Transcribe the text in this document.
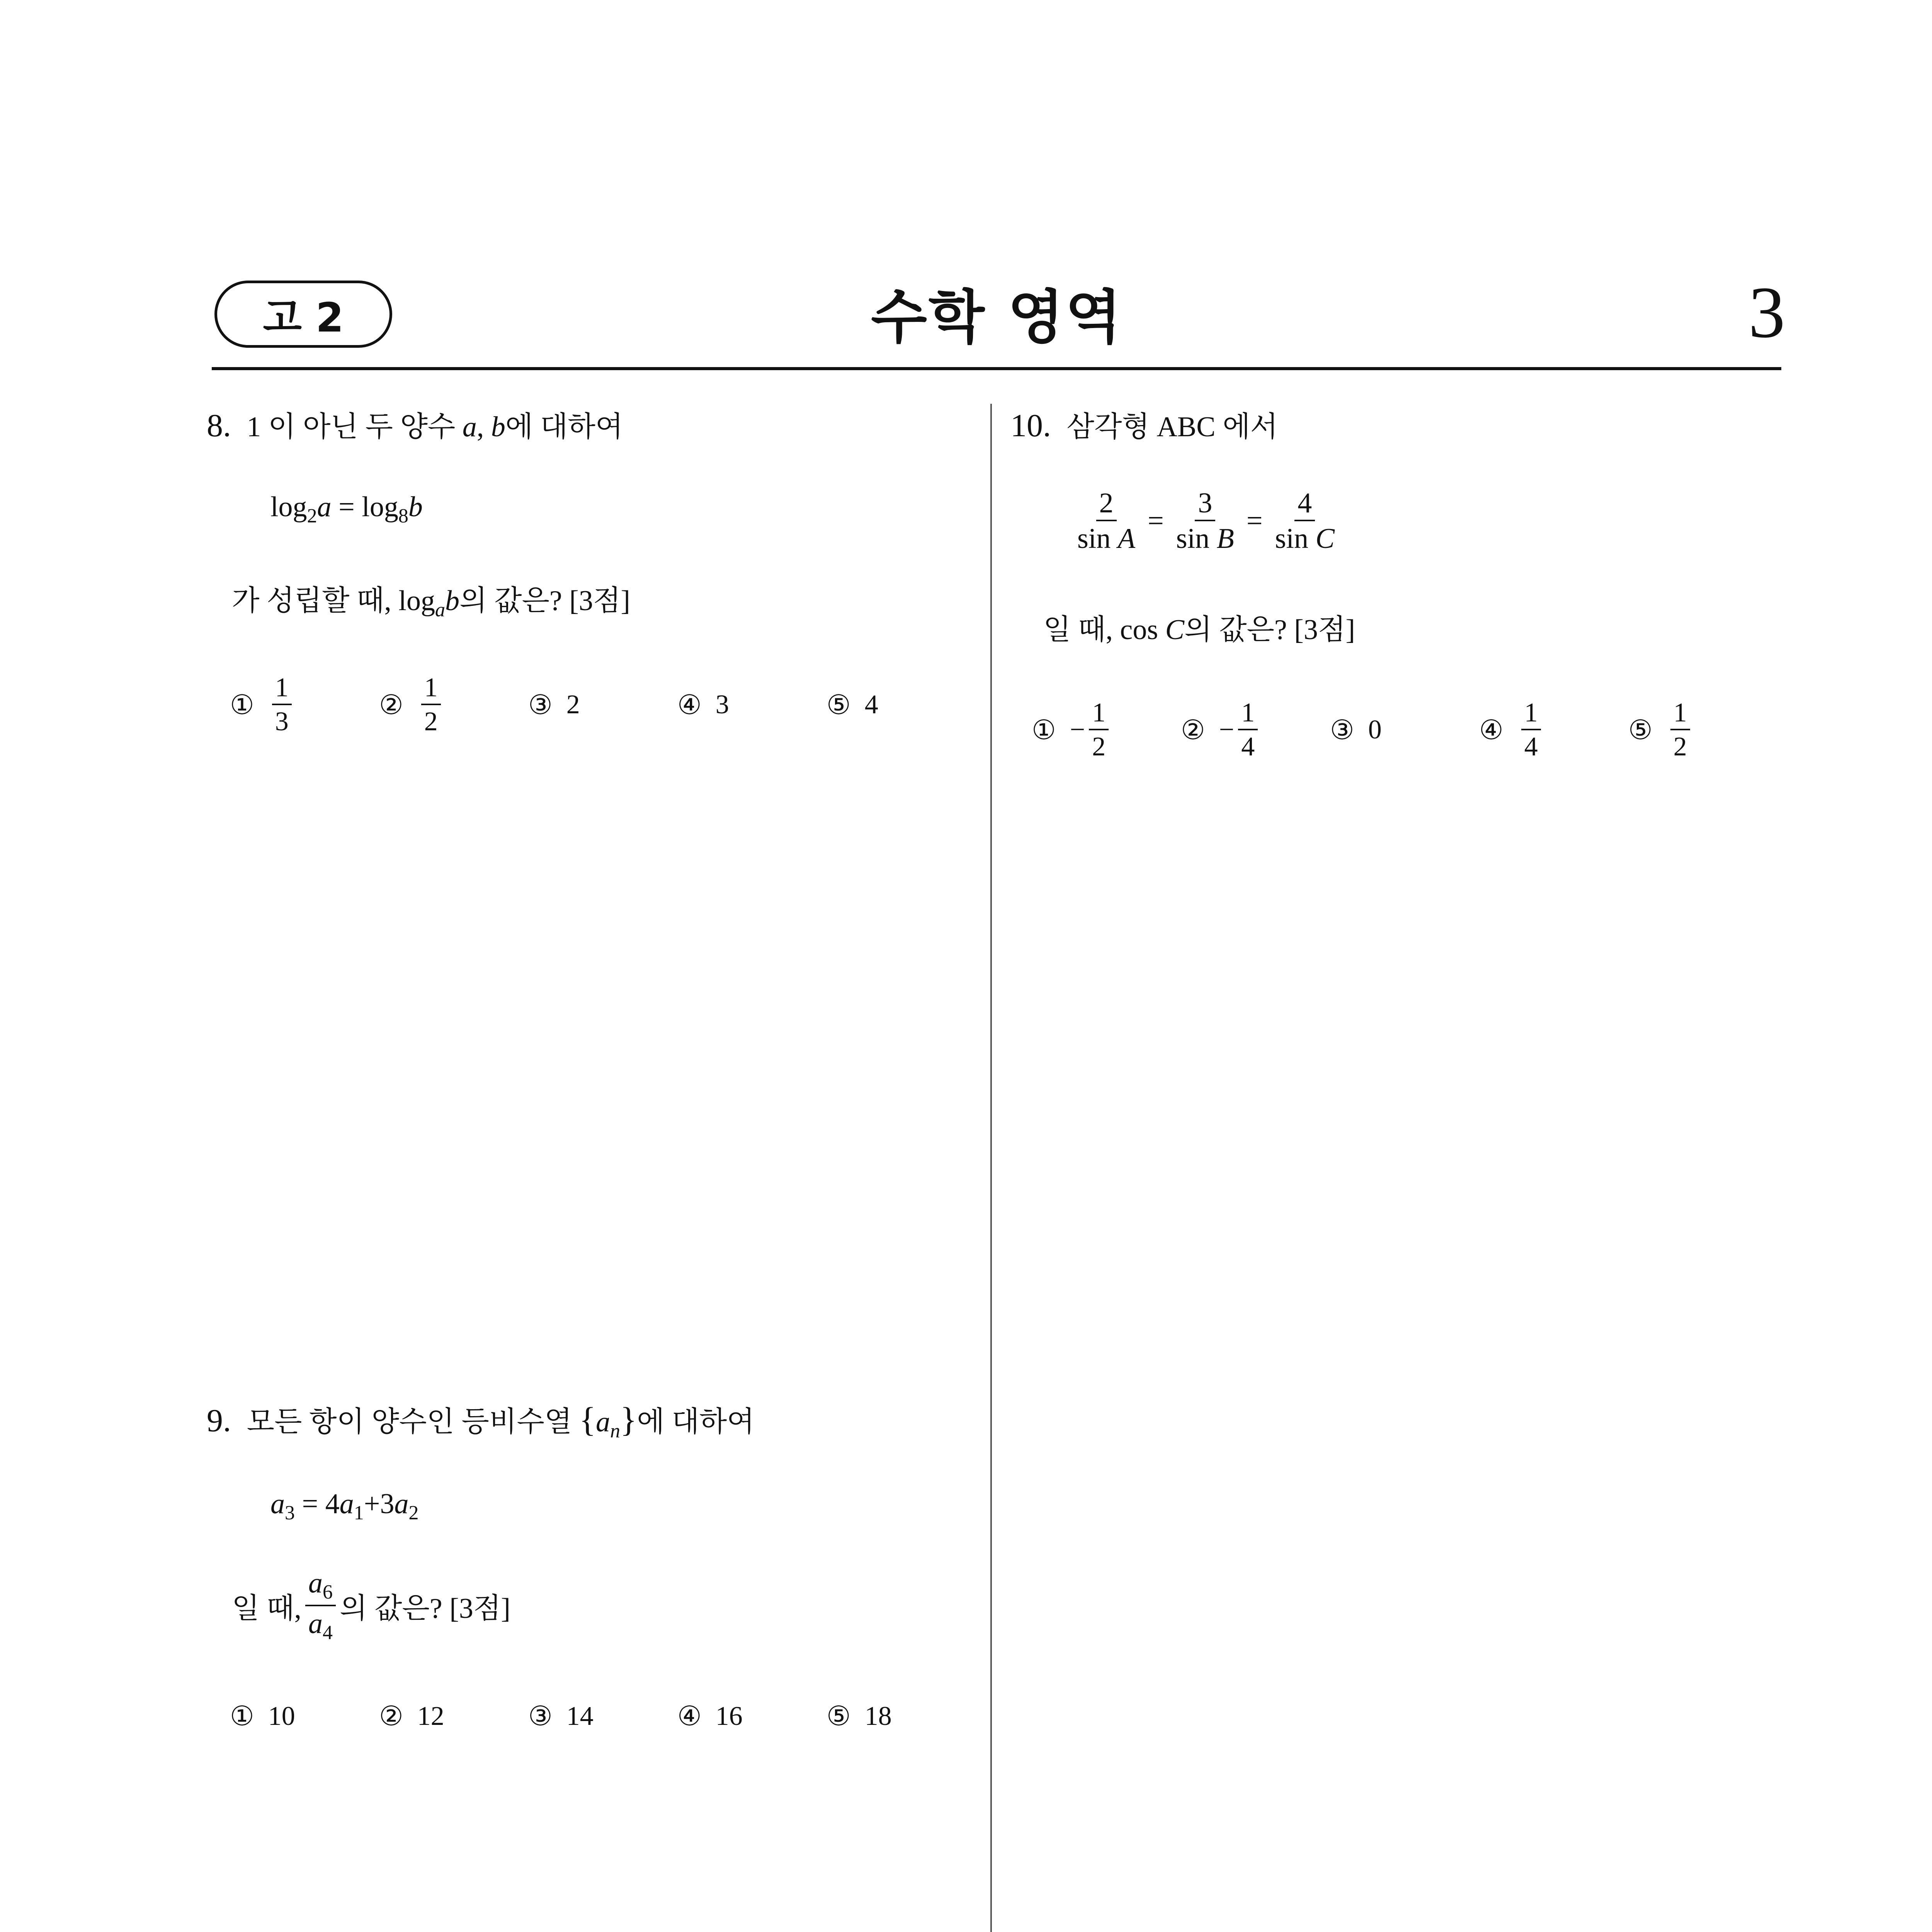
고 2	수학 영역	3
8. 1 이 아닌 두 양수 a, b에 대하여
$\log_2a = \log_8b$
가 성립할 때, $\log_ab$의 값은? [3점]
① $\frac{1}{3}$	② $\frac{1}{2}$	③ 2	④ 3	⑤ 4
9. 모든 항이 양수인 등비수열 $\{a_n\}$에 대하여
$a_3 = 4a_1+3a_2$
일 때, $\frac{a_6}{a_4}$ 의 값은? [3점]
① 10	② 12	③ 14	④ 16	⑤ 18
10. 삼각형 ABC 에서
$\frac{2}{\text{sin A}} = \frac{3}{\text{sin B}} = \frac{4}{\text{sin C}}$
일 때, cos C의 값은? [3점]
① − $\frac{1}{2}$	② − $\frac{1}{4}$	③ 0	④ $\frac{1}{4}$	⑤ $\frac{1}{2}$
